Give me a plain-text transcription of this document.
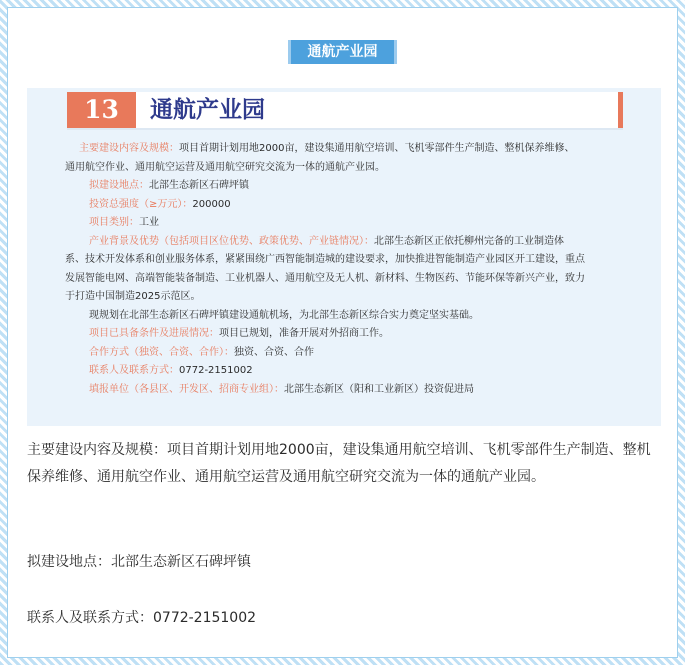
通航产业园
13	通航产业园
主要建设内容及规模：项目首期计划用地2000亩，建设集通用航空培训、飞机零部件生产制造、整机保养维修、
通用航空作业、通用航空运营及通用航空研究交流为一体的通航产业园。
拟建设地点：北部生态新区石碑坪镇
投资总强度（≥万元）：200000
项目类别：工业
产业背景及优势（包括项目区位优势、政策优势、产业链情况）：北部生态新区正依托柳州完备的工业制造体
系、技术开发体系和创业服务体系，紧紧围绕广西智能制造城的建设要求，加快推进智能制造产业园区开工建设，重点
发展智能电网、高端智能装备制造、工业机器人、通用航空及无人机、新材料、生物医药、节能环保等新兴产业，致力
于打造中国制造2025示范区。
现规划在北部生态新区石碑坪镇建设通航机场，为北部生态新区综合实力奠定坚实基础。
项目已具备条件及进展情况：项目已规划，准备开展对外招商工作。
合作方式（独资、合资、合作）：独资、合资、合作
联系人及联系方式：0772-2151002
填报单位（各县区、开发区、招商专业组）：北部生态新区（阳和工业新区）投资促进局
主要建设内容及规模：项目首期计划用地2000亩，建设集通用航空培训、飞机零部件生产制造、整机保养维修、通用航空作业、通用航空运营及通用航空研究交流为一体的通航产业园。
拟建设地点：北部生态新区石碑坪镇
联系人及联系方式：0772-2151002
